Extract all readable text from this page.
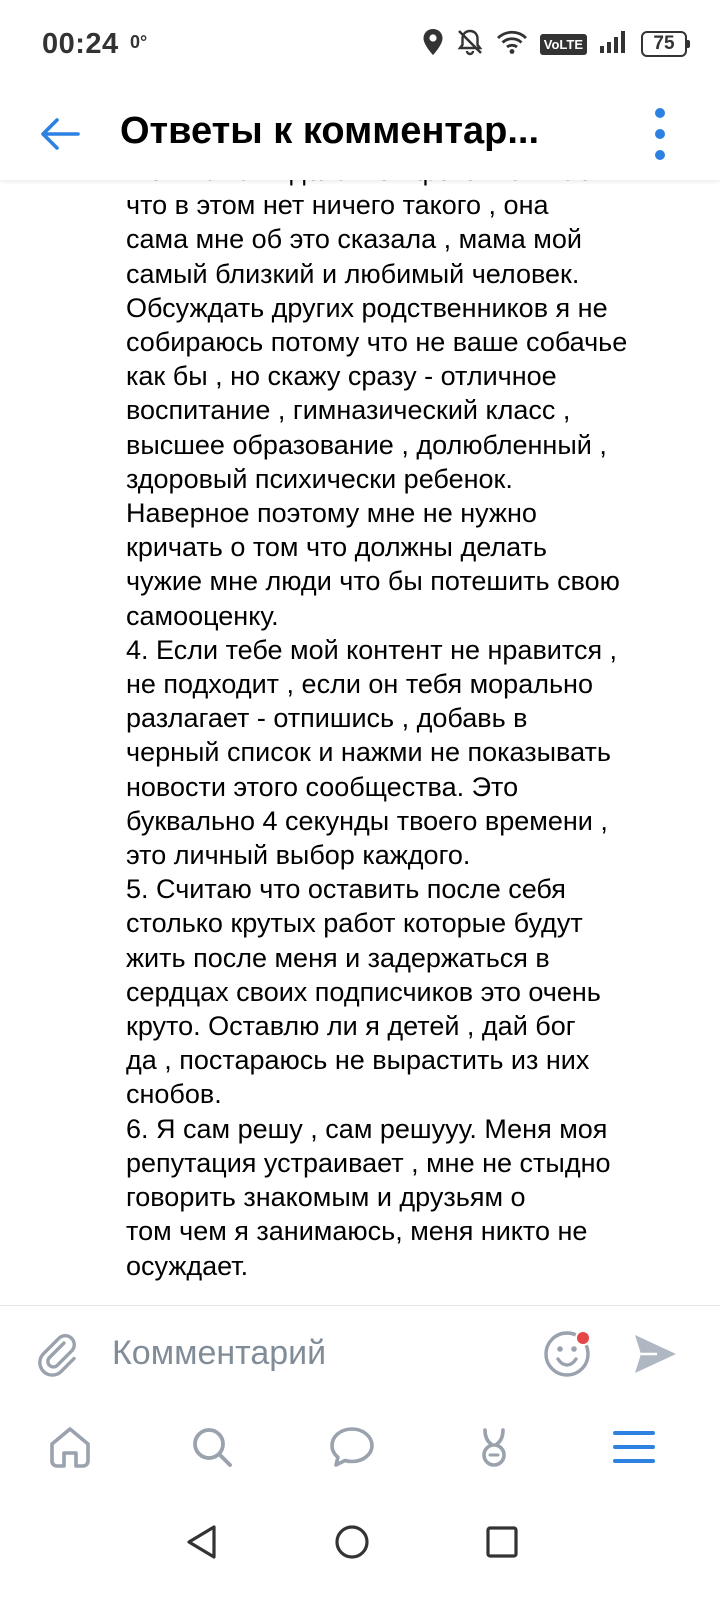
00:24 0°	VoLTE	75
Ответы к комментар...

что в этом нет ничего такого , она
сама мне об это сказала , мама мой
самый близкий и любимый человек.
Обсуждать других родственников я не
собираюсь потому что не ваше собачье
как бы , но скажу сразу - отличное
воспитание , гимназический класс ,
высшее образование , долюбленный ,
здоровый психически ребенок.
Наверное поэтому мне не нужно
кричать о том что должны делать
чужие мне люди что бы потешить свою
самооценку.
4. Если тебе мой контент не нравится ,
не подходит , если он тебя морально
разлагает - отпишись , добавь в
черный список и нажми не показывать
новости этого сообщества. Это
буквально 4 секунды твоего времени ,
это личный выбор каждого.
5. Считаю что оставить после себя
столько крутых работ которые будут
жить после меня и задержаться в
сердцах своих подписчиков это очень
круто. Оставлю ли я детей , дай бог
да , постараюсь не вырастить из них
снобов.
6. Я сам решу , сам решууу. Меня моя
репутация устраивает , мне не стыдно
говорить знакомым и друзьям о
том чем я занимаюсь, меня никто не
осуждает.

Комментарий
